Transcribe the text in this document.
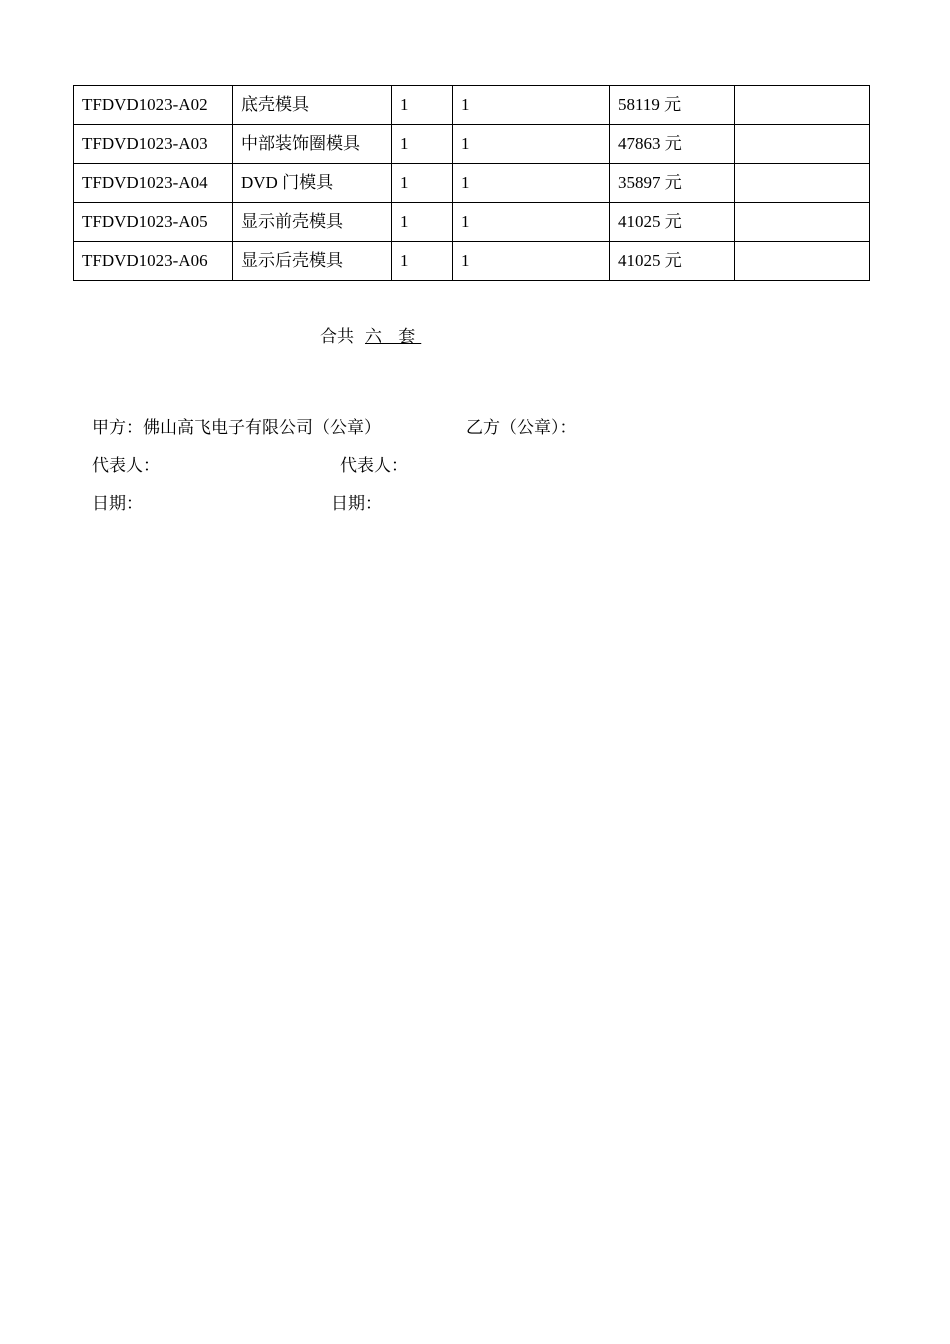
TFDVD1023-A02	底壳模具	1	1	58119 元	
TFDVD1023-A03	中部装饰圈模具	1	1	47863 元	
TFDVD1023-A04	DVD 门模具	1	1	35897 元	
TFDVD1023-A05	显示前壳模具	1	1	41025 元	
TFDVD1023-A06	显示后壳模具	1	1	41025 元	
合共 六 套
甲方：佛山高飞电子有限公司（公章）	乙方（公章）：
代表人：	代表人：
日期：	日期：
